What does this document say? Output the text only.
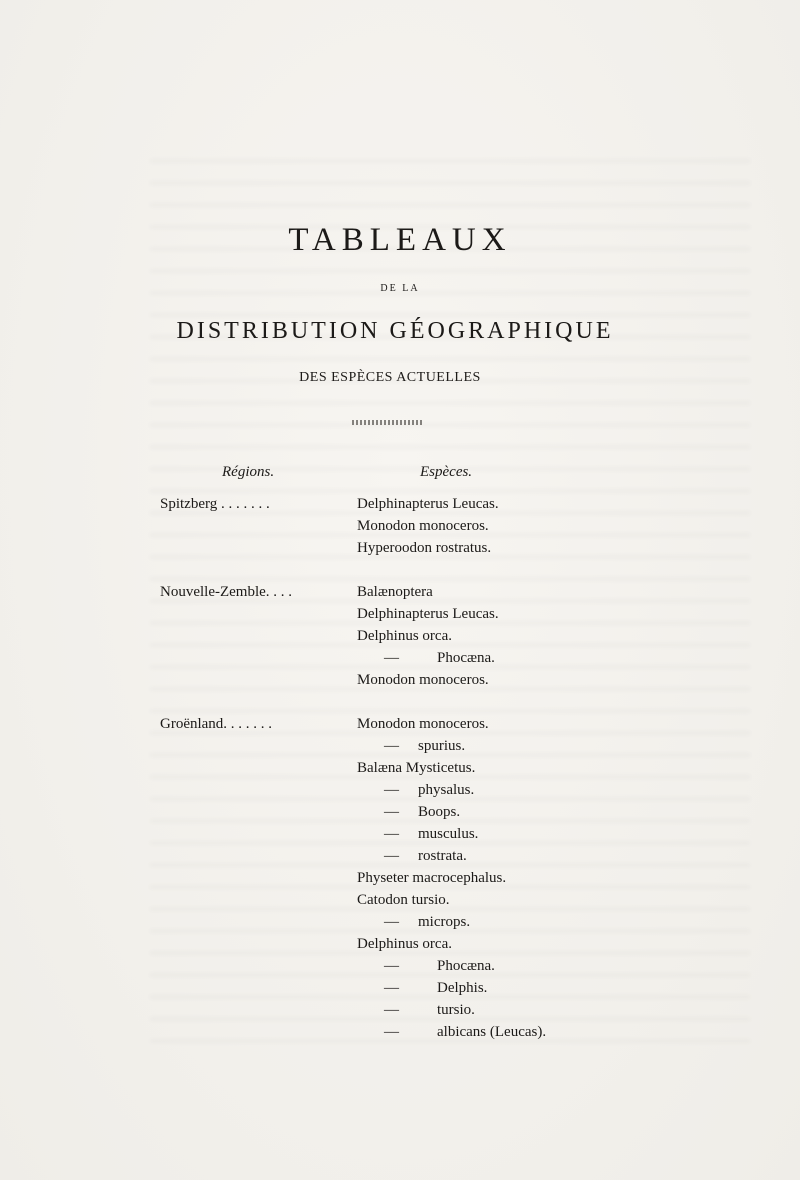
TABLEAUX
DE LA
DISTRIBUTION GÉOGRAPHIQUE
DES ESPÈCES ACTUELLES
Régions.	Espèces.
Spitzberg . . . . . . .	Delphinapterus Leucas.
Monodon monoceros.
Hyperoodon rostratus.
Nouvelle-Zemble. . . .	Balænoptera
Delphinapterus Leucas.
Delphinus orca.
—	Phocæna.
Monodon monoceros.
Groënland. . . . . . .	Monodon monoceros.
— spurius.
Balæna Mysticetus.
— physalus.
— Boops.
— musculus.
— rostrata.
Physeter macrocephalus.
Catodon tursio.
— microps.
Delphinus orca.
—	Phocæna.
—	Delphis.
—	tursio.
—	albicans (Leucas).
